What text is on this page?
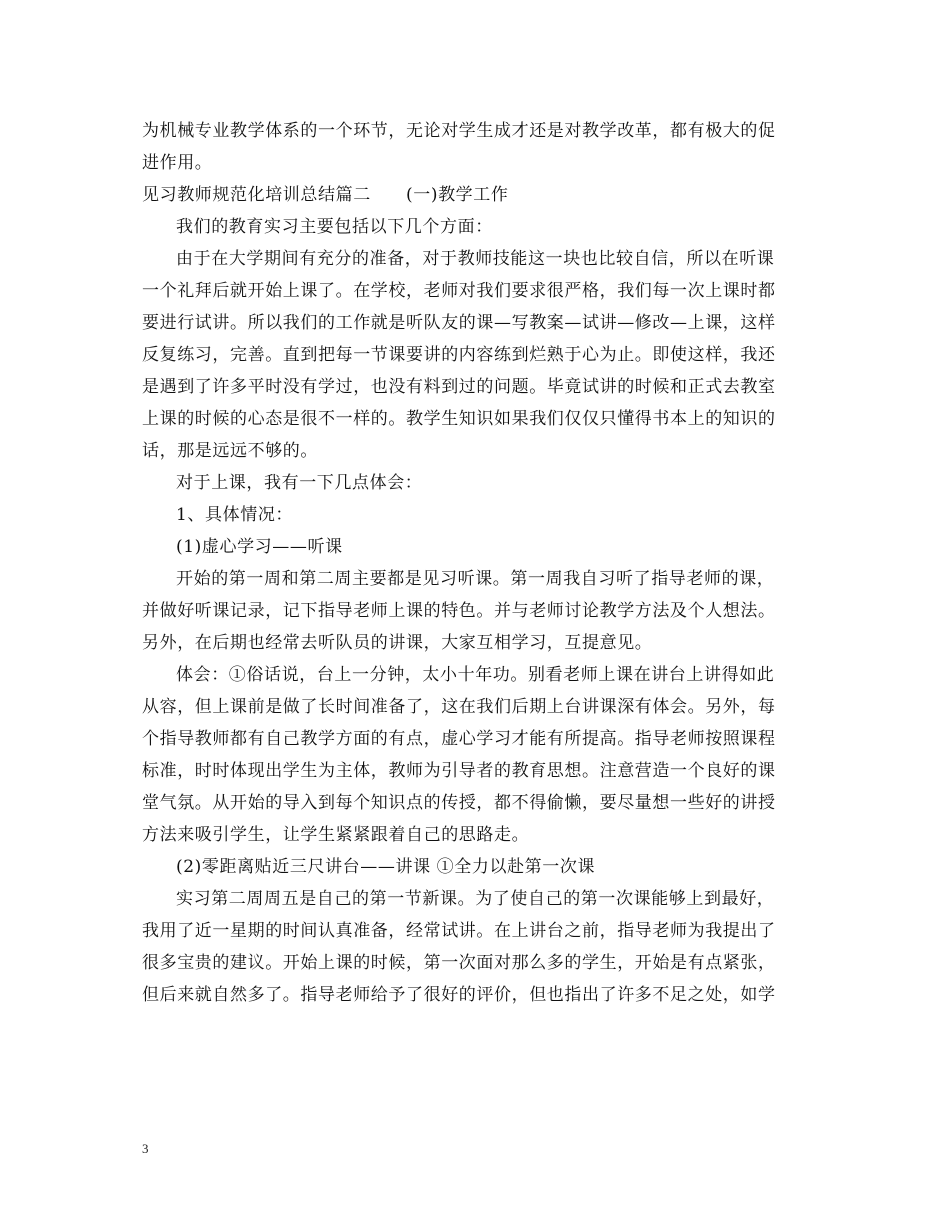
为机械专业教学体系的一个环节，无论对学生成才还是对教学改革，都有极大的促

进作用。

见习教师规范化培训总结篇二　　(一)教学工作

我们的教育实习主要包括以下几个方面：

由于在大学期间有充分的准备，对于教师技能这一块也比较自信，所以在听课

一个礼拜后就开始上课了。在学校，老师对我们要求很严格，我们每一次上课时都

要进行试讲。所以我们的工作就是听队友的课—写教案—试讲—修改—上课，这样

反复练习，完善。直到把每一节课要讲的内容练到烂熟于心为止。即使这样，我还

是遇到了许多平时没有学过，也没有料到过的问题。毕竟试讲的时候和正式去教室

上课的时候的心态是很不一样的。教学生知识如果我们仅仅只懂得书本上的知识的

话，那是远远不够的。

对于上课，我有一下几点体会：

1、具体情况：

(1)虚心学习——听课

开始的第一周和第二周主要都是见习听课。第一周我自习听了指导老师的课，

并做好听课记录，记下指导老师上课的特色。并与老师讨论教学方法及个人想法。

另外，在后期也经常去听队员的讲课，大家互相学习，互提意见。

体会：①俗话说，台上一分钟，太小十年功。别看老师上课在讲台上讲得如此

从容，但上课前是做了长时间准备了，这在我们后期上台讲课深有体会。另外，每

个指导教师都有自己教学方面的有点，虚心学习才能有所提高。指导老师按照课程

标准，时时体现出学生为主体，教师为引导者的教育思想。注意营造一个良好的课

堂气氛。从开始的导入到每个知识点的传授，都不得偷懒，要尽量想一些好的讲授

方法来吸引学生，让学生紧紧跟着自己的思路走。

(2)零距离贴近三尺讲台——讲课 ①全力以赴第一次课

实习第二周周五是自己的第一节新课。为了使自己的第一次课能够上到最好，

我用了近一星期的时间认真准备，经常试讲。在上讲台之前，指导老师为我提出了

很多宝贵的建议。开始上课的时候，第一次面对那么多的学生，开始是有点紧张，

但后来就自然多了。指导老师给予了很好的评价，但也指出了许多不足之处，如学

3
